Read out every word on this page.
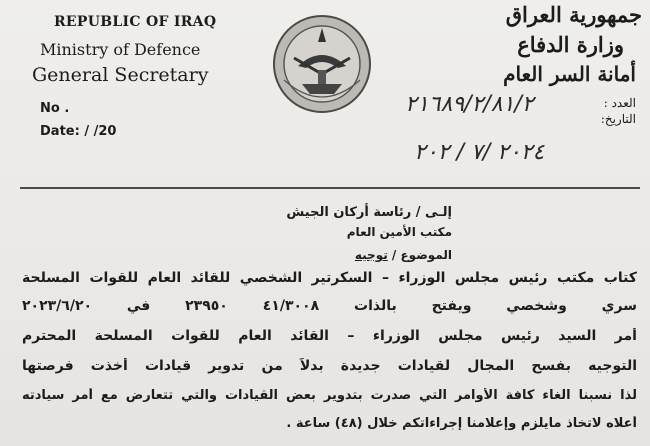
REPUBLIC OF IRAQ
Ministry of Defence
General Secretary
No .
Date: / /20
جمهورية العراق
وزارة الدفاع
أمانة السر العام
العدد :
التاريخ:
٢١٦٨٩/٢/٨١/٢
٢٠٢٤ /٧ / ٢٠٢
إلـى / رئاسة أركان الجيش
مكتب الأمين العام
الموضوع / توجيه
كتاب مكتب رئيس مجلس الوزراء – السكرتير الشخصي للقائد العام للقوات المسلحة
سري وشخصي ويفتح بالذات ٤١/٣٠٠٨ ٢٣٩٥٠ في ٢٠٢٣/٦/٢٠
أمر السيد رئيس مجلس الوزراء – القائد العام للقوات المسلحة المحترم
التوجيه بفسح المجال لقيادات جديدة بدلاً من تدوير قيادات أخذت فرصتها
لذا نسبنا الغاء كافة الأوامر التي صدرت بتدوير بعض القيادات والتي تتعارض مع أمر سيادته
أعلاه لاتخاذ مايلزم وإعلامنا إجراءاتكم خلال (٤٨) ساعة .
